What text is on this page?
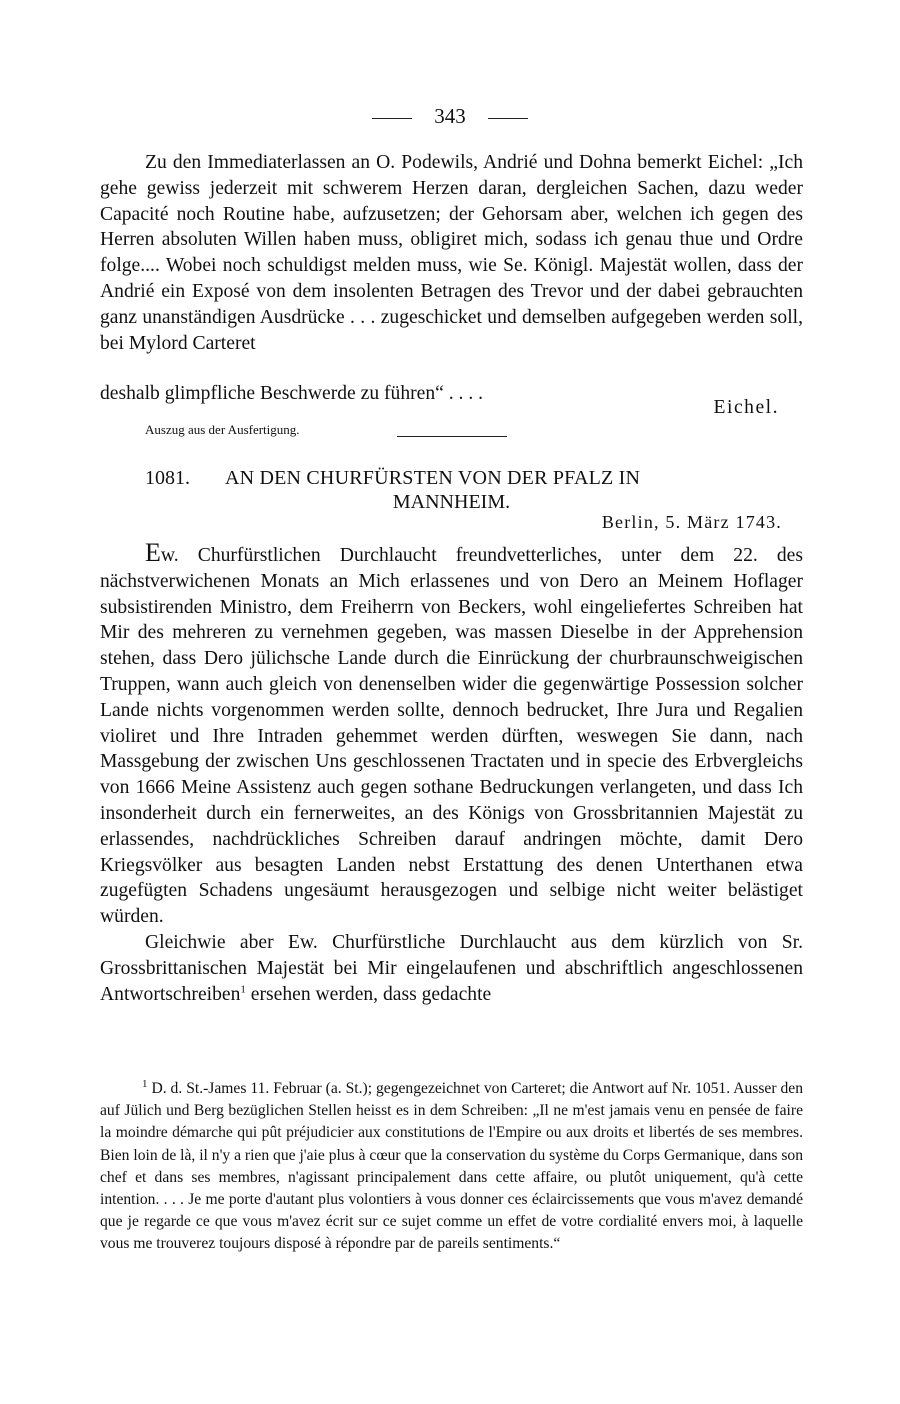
343

Zu den Immediaterlassen an O. Podewils, Andrié und Dohna bemerkt Eichel: „Ich gehe gewiss jederzeit mit schwerem Herzen daran, dergleichen Sachen, dazu weder Capacité noch Routine habe, aufzusetzen; der Gehorsam aber, welchen ich gegen des Herren absoluten Willen haben muss, obligiret mich, sodass ich genau thue und Ordre folge.... Wobei noch schuldigst melden muss, wie Se. Königl. Majestät wollen, dass der Andrié ein Exposé von dem insolenten Betragen des Trevor und der dabei gebrauchten ganz unanständigen Ausdrücke . . . zugeschicket und demselben aufgegeben werden soll, bei Mylord Carteret

deshalb glimpfliche Beschwerde zu führen“ . . . .
Eichel.
Auszug aus der Ausfertigung.
1081. AN DEN CHURFÜRSTEN VON DER PFALZ IN
MANNHEIM.
Berlin, 5. März 1743.

Ew. Churfürstlichen Durchlaucht freundvetterliches, unter dem 22. des nächstverwichenen Monats an Mich erlassenes und von Dero an Meinem Hoflager subsistirenden Ministro, dem Freiherrn von Beckers, wohl eingeliefertes Schreiben hat Mir des mehreren zu vernehmen gegeben, was massen Dieselbe in der Apprehension stehen, dass Dero jülichsche Lande durch die Einrückung der churbraunschweigischen Truppen, wann auch gleich von denenselben wider die gegenwärtige Possession solcher Lande nichts vorgenommen werden sollte, dennoch bedrucket, Ihre Jura und Regalien violiret und Ihre Intraden gehemmet werden dürften, weswegen Sie dann, nach Massgebung der zwischen Uns geschlossenen Tractaten und in specie des Erbvergleichs von 1666 Meine Assistenz auch gegen sothane Bedruckungen verlangeten, und dass Ich insonderheit durch ein fernerweites, an des Königs von Grossbritannien Majestät zu erlassendes, nachdrückliches Schreiben darauf andringen möchte, damit Dero Kriegsvölker aus besagten Landen nebst Erstattung des denen Unterthanen etwa zugefügten Schadens ungesäumt herausgezogen und selbige nicht weiter belästiget würden.

Gleichwie aber Ew. Churfürstliche Durchlaucht aus dem kürzlich von Sr. Grossbrittanischen Majestät bei Mir eingelaufenen und abschriftlich angeschlossenen Antwortschreiben$^1$ ersehen werden, dass gedachte

$^1$ D. d. St.-James 11. Februar (a. St.); gegengezeichnet von Carteret; die Antwort auf Nr. 1051. Ausser den auf Jülich und Berg bezüglichen Stellen heisst es in dem Schreiben: „Il ne m'est jamais venu en pensée de faire la moindre démarche qui pût préjudicier aux constitutions de l'Empire ou aux droits et libertés de ses membres. Bien loin de là, il n'y a rien que j'aie plus à cœur que la conservation du système du Corps Germanique, dans son chef et dans ses membres, n'agissant principalement dans cette affaire, ou plutôt uniquement, qu'à cette intention. . . . Je me porte d'autant plus volontiers à vous donner ces éclaircissements que vous m'avez demandé que je regarde ce que vous m'avez écrit sur ce sujet comme un effet de votre cordialité envers moi, à laquelle vous me trouverez toujours disposé à répondre par de pareils sentiments.“
